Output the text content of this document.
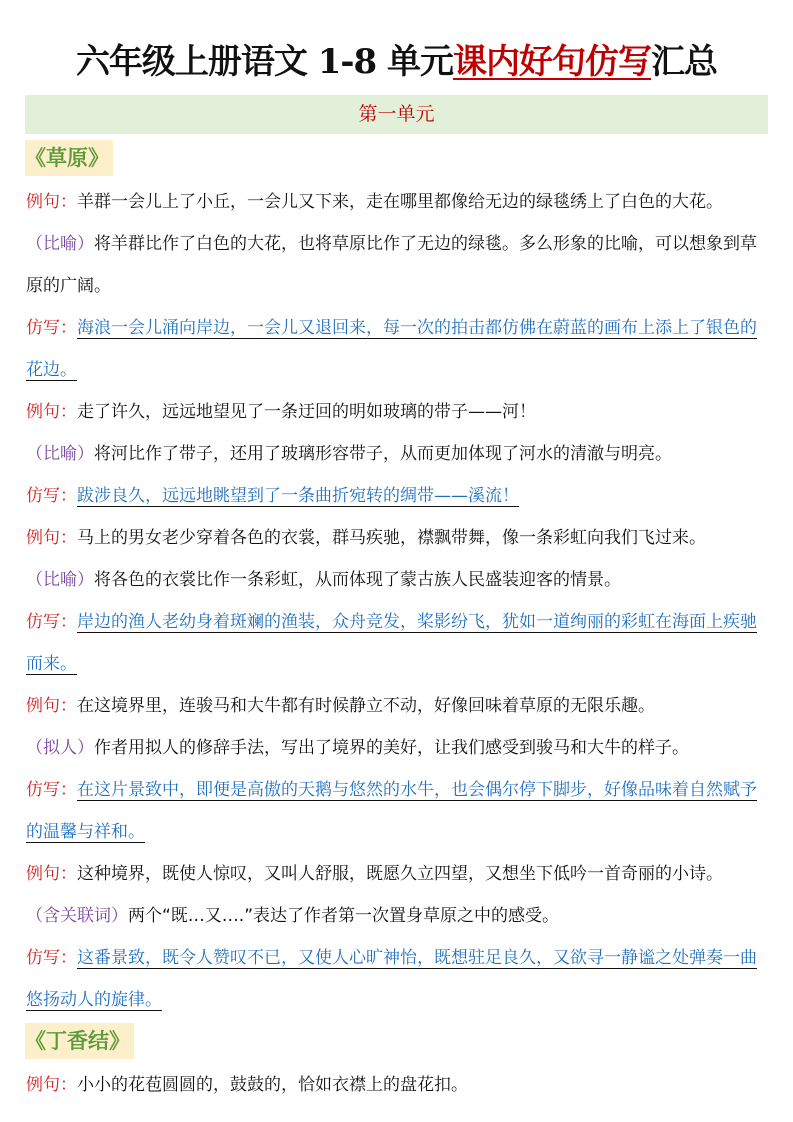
六年级上册语文 1-8 单元课内好句仿写汇总
第一单元
《草原》

例句：羊群一会儿上了小丘，一会儿又下来，走在哪里都像给无边的绿毯绣上了白色的大花。

（比喻）将羊群比作了白色的大花，也将草原比作了无边的绿毯。多么形象的比喻，可以想象到草原的广阔。

仿写：海浪一会儿涌向岸边，一会儿又退回来，每一次的拍击都仿佛在蔚蓝的画布上添上了银色的花边。

例句：走了许久，远远地望见了一条迂回的明如玻璃的带子——河！

（比喻）将河比作了带子，还用了玻璃形容带子，从而更加体现了河水的清澈与明亮。

仿写：跋涉良久，远远地眺望到了一条曲折宛转的绸带——溪流！

例句：马上的男女老少穿着各色的衣裳，群马疾驰，襟飘带舞，像一条彩虹向我们飞过来。

（比喻）将各色的衣裳比作一条彩虹，从而体现了蒙古族人民盛装迎客的情景。

仿写：岸边的渔人老幼身着斑斓的渔装，众舟竞发，桨影纷飞，犹如一道绚丽的彩虹在海面上疾驰而来。

例句：在这境界里，连骏马和大牛都有时候静立不动，好像回味着草原的无限乐趣。

（拟人）作者用拟人的修辞手法，写出了境界的美好，让我们感受到骏马和大牛的样子。

仿写：在这片景致中，即便是高傲的天鹅与悠然的水牛，也会偶尔停下脚步，好像品味着自然赋予的温馨与祥和。

例句：这种境界，既使人惊叹，又叫人舒服，既愿久立四望，又想坐下低吟一首奇丽的小诗。

（含关联词）两个“既…又….”表达了作者第一次置身草原之中的感受。

仿写：这番景致，既令人赞叹不已，又使人心旷神怡，既想驻足良久，又欲寻一静谧之处弹奏一曲悠扬动人的旋律。

《丁香结》

例句：小小的花苞圆圆的，鼓鼓的，恰如衣襟上的盘花扣。
